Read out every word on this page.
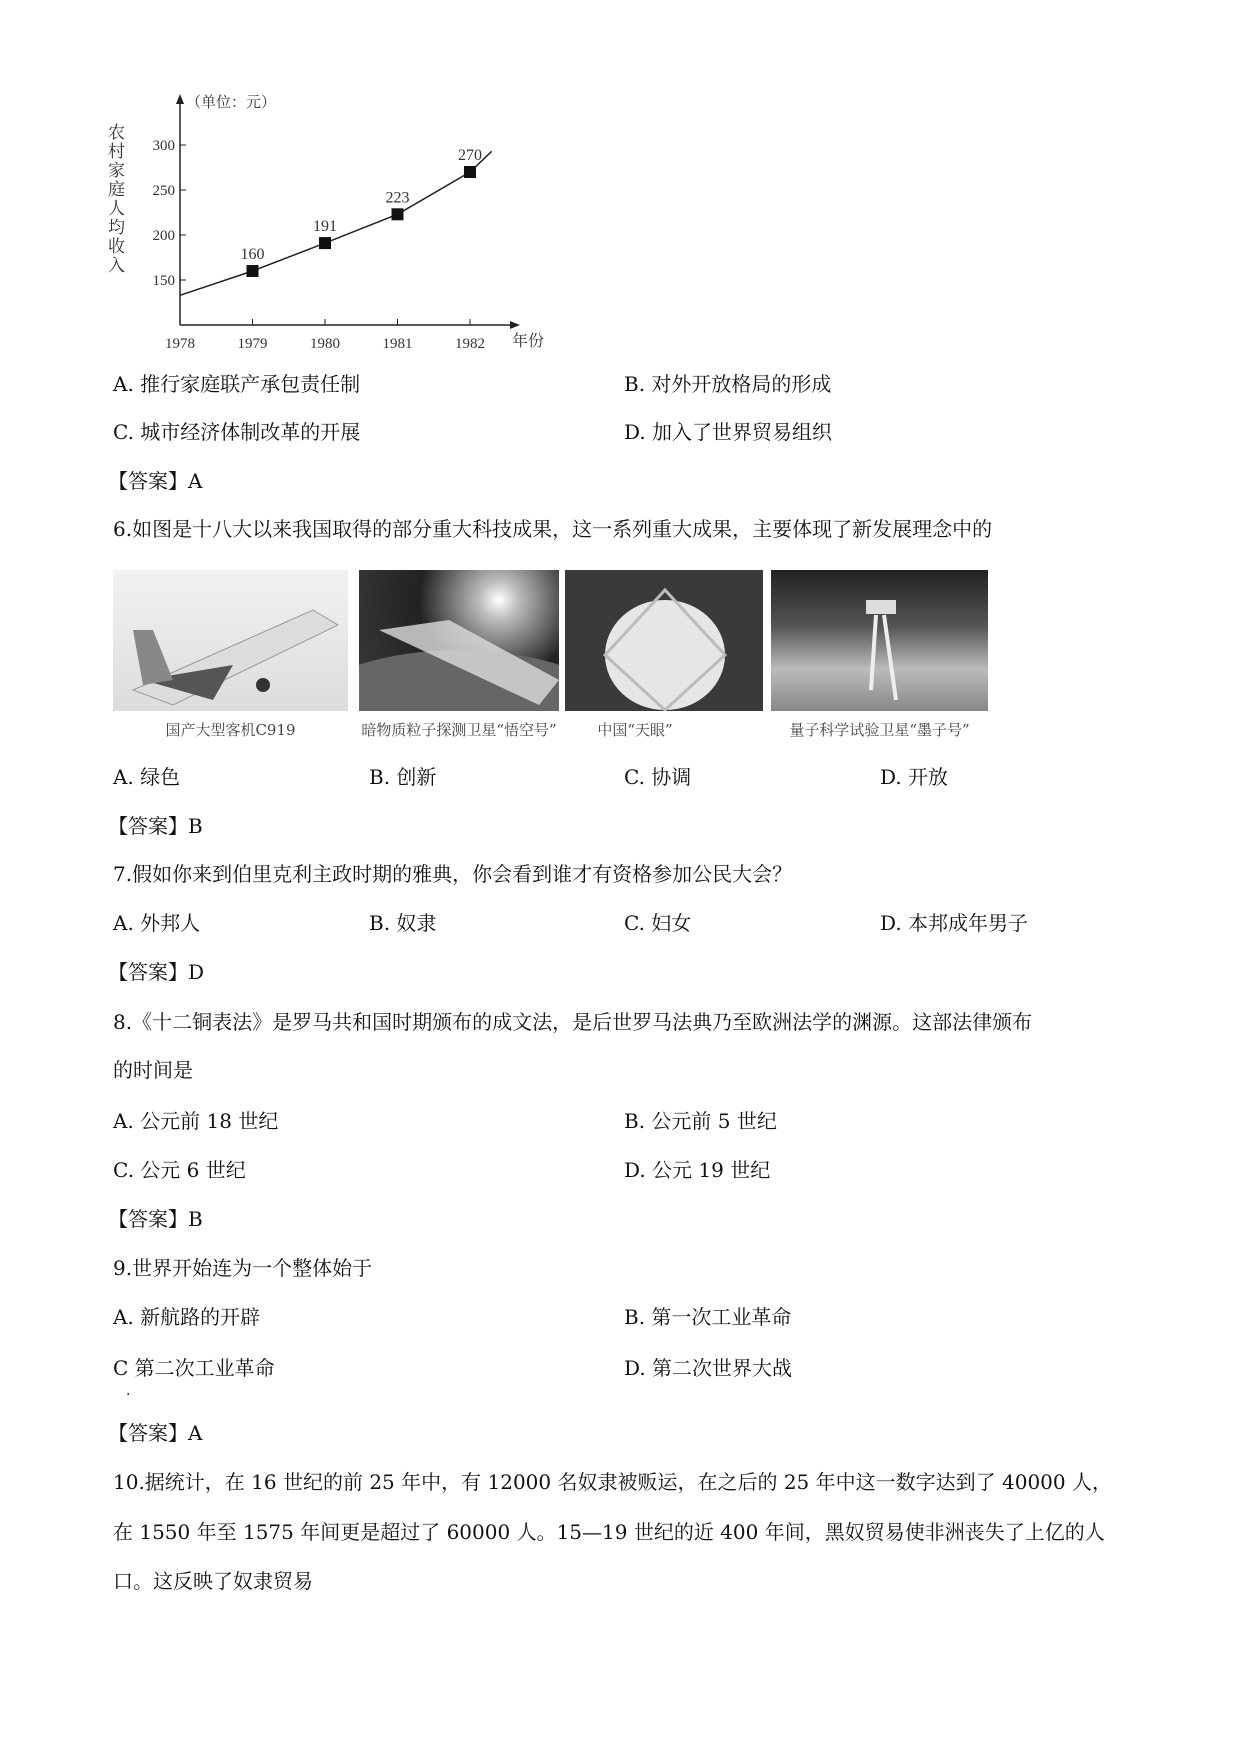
（单位：元）
150
200
250
300
1978	1979	1980	1981	1982 年份
农
村
家
庭
人
均
收
入
160
191
223
270
A. 推行家庭联产承包责任制	B. 对外开放格局的形成
C. 城市经济体制改革的开展	D. 加入了世界贸易组织
【答案】A
6.如图是十八大以来我国取得的部分重大科技成果，这一系列重大成果，主要体现了新发展理念中的
国产大型客机C919	暗物质粒子探测卫星“悟空号”	中国“天眼”	量子科学试验卫星“墨子号”
A. 绿色	B. 创新	C. 协调	D. 开放
【答案】B
7.假如你来到伯里克利主政时期的雅典，你会看到谁才有资格参加公民大会？
A. 外邦人	B. 奴隶	C. 妇女	D. 本邦成年男子
【答案】D
8.《十二铜表法》是罗马共和国时期颁布的成文法，是后世罗马法典乃至欧洲法学的渊源。这部法律颁布
的时间是
A. 公元前 18 世纪	B. 公元前 5 世纪
C. 公元 6 世纪	D. 公元 19 世纪
【答案】B
9.世界开始连为一个整体始于
A. 新航路的开辟	B. 第一次工业革命
C 第二次工业革命	D. 第二次世界大战
.
【答案】A
10.据统计，在 16 世纪的前 25 年中，有 12000 名奴隶被贩运，在之后的 25 年中这一数字达到了 40000 人，
在 1550 年至 1575 年间更是超过了 60000 人。15—19 世纪的近 400 年间，黑奴贸易使非洲丧失了上亿的人
口。这反映了奴隶贸易
